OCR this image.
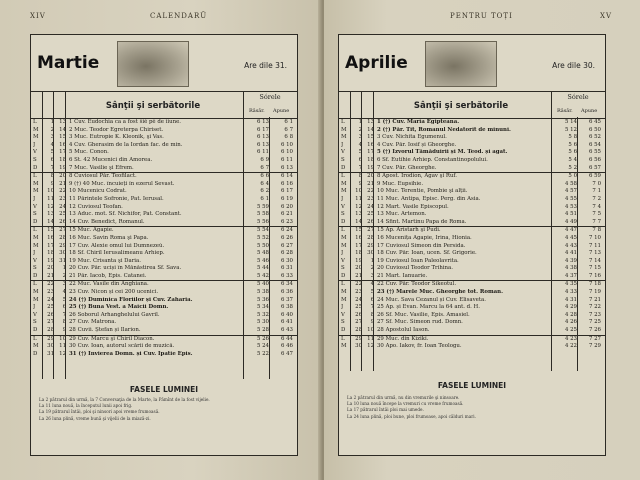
XIV	CALENDARŬ
Martie	Are dile 31.
Sânţii şi serbătorile
Sórele
Răsăr. Apune
L	1 13 1 Cuv. Eudochia ca a fost ŝiĕ pĕ de ĭiune.	6 13	6 1
M	2 14 2 Muc. Teodor Egreterpa Chiriset.	6 17	6 7
M	3 15 3 Muc. Eutropie K. Kleonik, şi Vas.	6 13	6 8
J	4 16 4 Cuv. Gherasim de la Iordan fac. de min.	6 13	6 10
V	5 17 5 Muc. Conon.	6 11	6 10
S	6 18 6 St. 42 Mucenici din Amorea.	6 9	6 11
D	7 19 7 Muc. Vasilie şi Efrem.	6 7	6 13
L	8 20 8 Cuviosul Păr. Teofilact.	6 6	6 14
M	9 21 9 (†) 40 Muc. încuieți în ezerul Sevast.	6 4	6 16
M	10 22 10 Mucenicu Codrat.	6 2	6 17
J	11 23 11 Părintele Sofronie, Pat. Ierusal.	6 1	6 19
V	12 24 12 Cuviosul Teofan.	5 59	6 20
S	13 25 13 Aduc. mot. Sf. Nichifor, Pat. Constant.	5 58	6 21
D	14 26 14 Cuv. Benedict, Romanul.	5 56	6 23
L	15 27 15 Muc. Agapie.	5 54	6 24
M	16 28 16 Muc. Savin Roma şi Papa.	5 52	6 26
M	17 29 17 Cuv. Alexie omul lui Dumnezeŭ.	5 50	6 27
J	18 30 18 Sf. Chiril Ierusalimeanu Arhiep.	5 48	6 28
V	19 31 19 Muc. Crisanta şi Daria.	5 46	6 30
S	20	1 20 Cuv. Păr. uciși în Mănăstirea Sf. Sava.	5 44	6 31
D	21	2 21 Păr. Iacob, Epis. Catanei.	5 42	6 33
L	22	3 22 Muc. Vasile din Anghiana.	5 40	6 34
M	23	4 23 Cuv. Nicon și cei 200 ucenici.	5 38	6 36
M	24	5 24 (†) Duminica Floriilor și Cuv. Zaharia.	5 36	6 37
J	25	6 25 (†) Buna Vest. a Maicii Domn.	5 34	6 38
V	26	7 26 Soborul Arhanghelului Gavril.	5 32	6 40
S	27	8 27 Cuv. Matrona.	5 30	6 41
D	28	9 28 Cuvii. Ștefan și Ilarion.	5 28	6 43
L	29 10 29 Cuv. Marcu şi Chiril Diacon.	5 26	6 44
M	30 11 30 Cuv. Ioan, autorul scării de muzică.	5 24	6 46
D	31 12 31 (†) Învierea Domn. și Cuv. Ipatie Epis.	5 22	6 47
FASELE LUMINEI
La 2 pătrarul din urmă, la 7 Conversaţia de la Marte, la Pămînt de la fost vijelie.
La 11 luna nouă, la începutul lunii apoi frig.
La 19 pătrarul întâi, ploi şi ninsori apoi vreme frumoasă.
La 26 luna plină, vreme bună şi vijelii de la miază-zi.
PENTRU TOȚI	XV
Aprilie	Are dile 30.
Sânţii şi serbătorile
Sórele
Răsăr. Apune
L	1 13 1 (†) Cuv. Maria Egipteana.	5 14	6 45
M	2 14 2 (†) Păr. Tit, Romanul Nedatorit de minuni.	5 12	6 50
M	3 15 3 Cuv. Nichita Egumenul.	5 8	6 52
J	4 16 4 Cuv. Păr. Iosif și Gheorghe.	5 6	6 54
V	5 17 5 (†) Izvorul Tămăduirii și M. Teod. și agat.	5 6	6 55
S	6 18 6 Sf. Eutihie Arhiep. Constantinopolului.	5 4	6 56
D	7 19 7 Cuv. Păr. Gheorghe.	5 2	6 57
L	8 20 8 Apost. Irodion, Agav şi Ruf.	5 0	6 59
M	9 21 9 Muc. Eupsihie.	4 58	7 0
M	10 22 10 Muc. Terentie, Pombie şi alții.	4 57	7 1
J	11 23 11 Muc. Antipa, Episc. Perg. din Asia.	4 55	7 2
V	12 24 12 Mart. Vasile Episcopul.	4 53	7 4
S	13 25 13 Muc. Artemon.	4 51	7 5
D	14 26 14 Sfint. Martinu Papa de Roma.	4 49	7 7
L	15 27 15 Ap. Aristarh şi Pudi.	4 47	7 8
M	16 28 16 Mucenița Agapie, Irina, Hionia.	4 45	7 10
M	17 29 17 Cuviosul Simeon din Persida.	4 43	7 11
J	18 30 18 Cuv. Păr. Ioan, ucen. Sf. Grigorie.	4 41	7 13
V	19	1 19 Cuviosul Ioan Paleolavrita.	4 39	7 14
S	20	2 20 Cuviosul Teodor Trihina.	4 38	7 15
D	21	3 21 Mart. Ianuarie.	4 37	7 16
L	22	4 22 Cuv. Păr. Teodor Sikeotul.	4 35	7 18
M	23	5 23 (†) Marele Muc. Gheorghe tot. Roman.	4 33	7 19
M	24	6 24 Muc. Sava Cezanul și Cuv. Elisaveta.	4 31	7 21
J	25	7 25 Ap. și Evan. Marcu la 64 ant. d. H.	4 29	7 22
V	26	8 26 Sf. Muc. Vasilie, Epis. Amasiel.	4 28	7 23
S	27	9 27 Sf. Muc. Simeon rud. Domn.	4 26	7 25
D	28 10 28 Apostolul Iason.	4 25	7 26
L	29 11 29 Muc. din Kizikĭ.	4 23	7 27
M	30 12 30 Apo. Iakov, fr. Ioan Teologu.	4 22	7 29
FASELE LUMINEI
La 2 pătrarul din urmă, nu din vremurile şi ninsoare.
La 10 luna nouă începe la vremuri cu vreme frumoasă.
La 17 pătrarul întâi ploi mai umede.
La 24 luna plină, ploi bune, ploi frumoase, apoi călduri mari.
